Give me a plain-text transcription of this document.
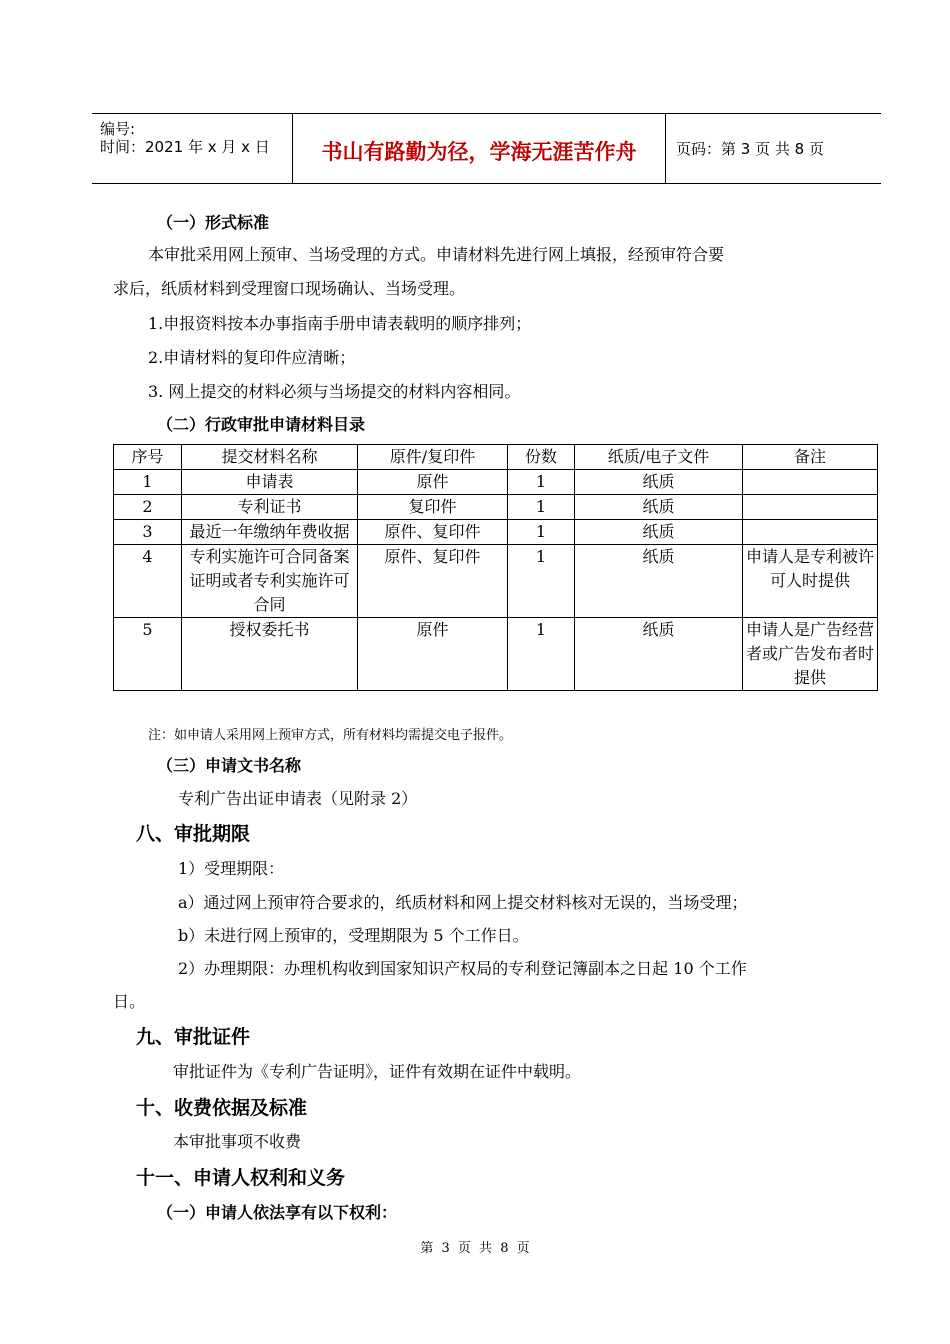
编号:
时间：2021 年 x 月 x 日	书山有路勤为径，学海无涯苦作舟	页码：第 3 页 共 8 页
（一）形式标准
本审批采用网上预审、当场受理的方式。申请材料先进行网上填报，经预审符合要
求后，纸质材料到受理窗口现场确认、当场受理。
1.申报资料按本办事指南手册申请表载明的顺序排列；
2.申请材料的复印件应清晰；
3. 网上提交的材料必须与当场提交的材料内容相同。
（二）行政审批申请材料目录
序号	提交材料名称	原件/复印件	份数	纸质/电子文件	备注
1	申请表	原件	1	纸质	
2	专利证书	复印件	1	纸质	
3	最近一年缴纳年费收据	原件、复印件	1	纸质	
4	专利实施许可合同备案证明或者专利实施许可合同	原件、复印件	1	纸质	申请人是专利被许可人时提供
5	授权委托书	原件	1	纸质	申请人是广告经营者或广告发布者时提供
注：如申请人采用网上预审方式，所有材料均需提交电子报件。
（三）申请文书名称
专利广告出证申请表（见附录 2）
八、审批期限
1）受理期限：
a）通过网上预审符合要求的，纸质材料和网上提交材料核对无误的，当场受理；
b）未进行网上预审的，受理期限为 5 个工作日。
2）办理期限：办理机构收到国家知识产权局的专利登记簿副本之日起 10 个工作
日。
九、审批证件
审批证件为《专利广告证明》，证件有效期在证件中载明。
十、收费依据及标准
本审批事项不收费
十一、申请人权利和义务
（一）申请人依法享有以下权利：
第 3 页 共 8 页
